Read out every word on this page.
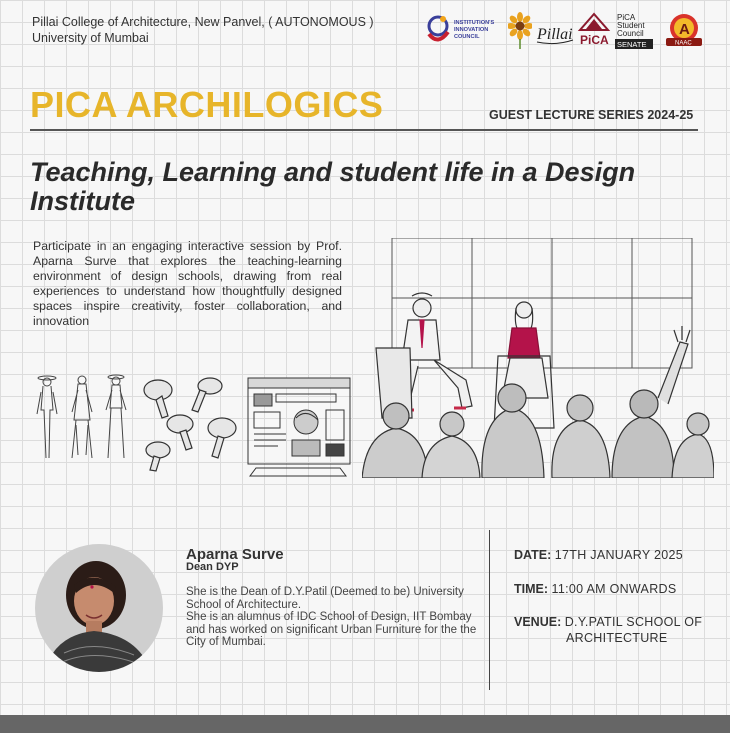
Pillai College of Architecture, New Panvel, ( AUTONOMOUS )
University of Mumbai
INSTITUTION'S
INNOVATION
COUNCIL	Pillai PiCA
PiCA
Student
Council
SENATE
A
NAAC
PICA ARCHILOGICS	GUEST LECTURE SERIES 2024-25
Teaching, Learning and student life in a Design Institute
Participate in an engaging interactive session by Prof. Aparna Surve that explores the teaching-learning environment of design schools, drawing from real experiences to understand how thoughtfully designed spaces inspire creativity, foster collaboration, and innovation
Aparna Surve
Dean DYP

She is the Dean of D.Y.Patil (Deemed to be) University School of Architecture.

She is an alumnus of IDC School of Design, IIT Bombay and has worked on significant Urban Furniture for the the City of Mumbai.

DATE: 17TH JANUARY 2025
TIME: 11:00 AM ONWARDS
VENUE: D.Y.PATIL SCHOOL OF
ARCHITECTURE
